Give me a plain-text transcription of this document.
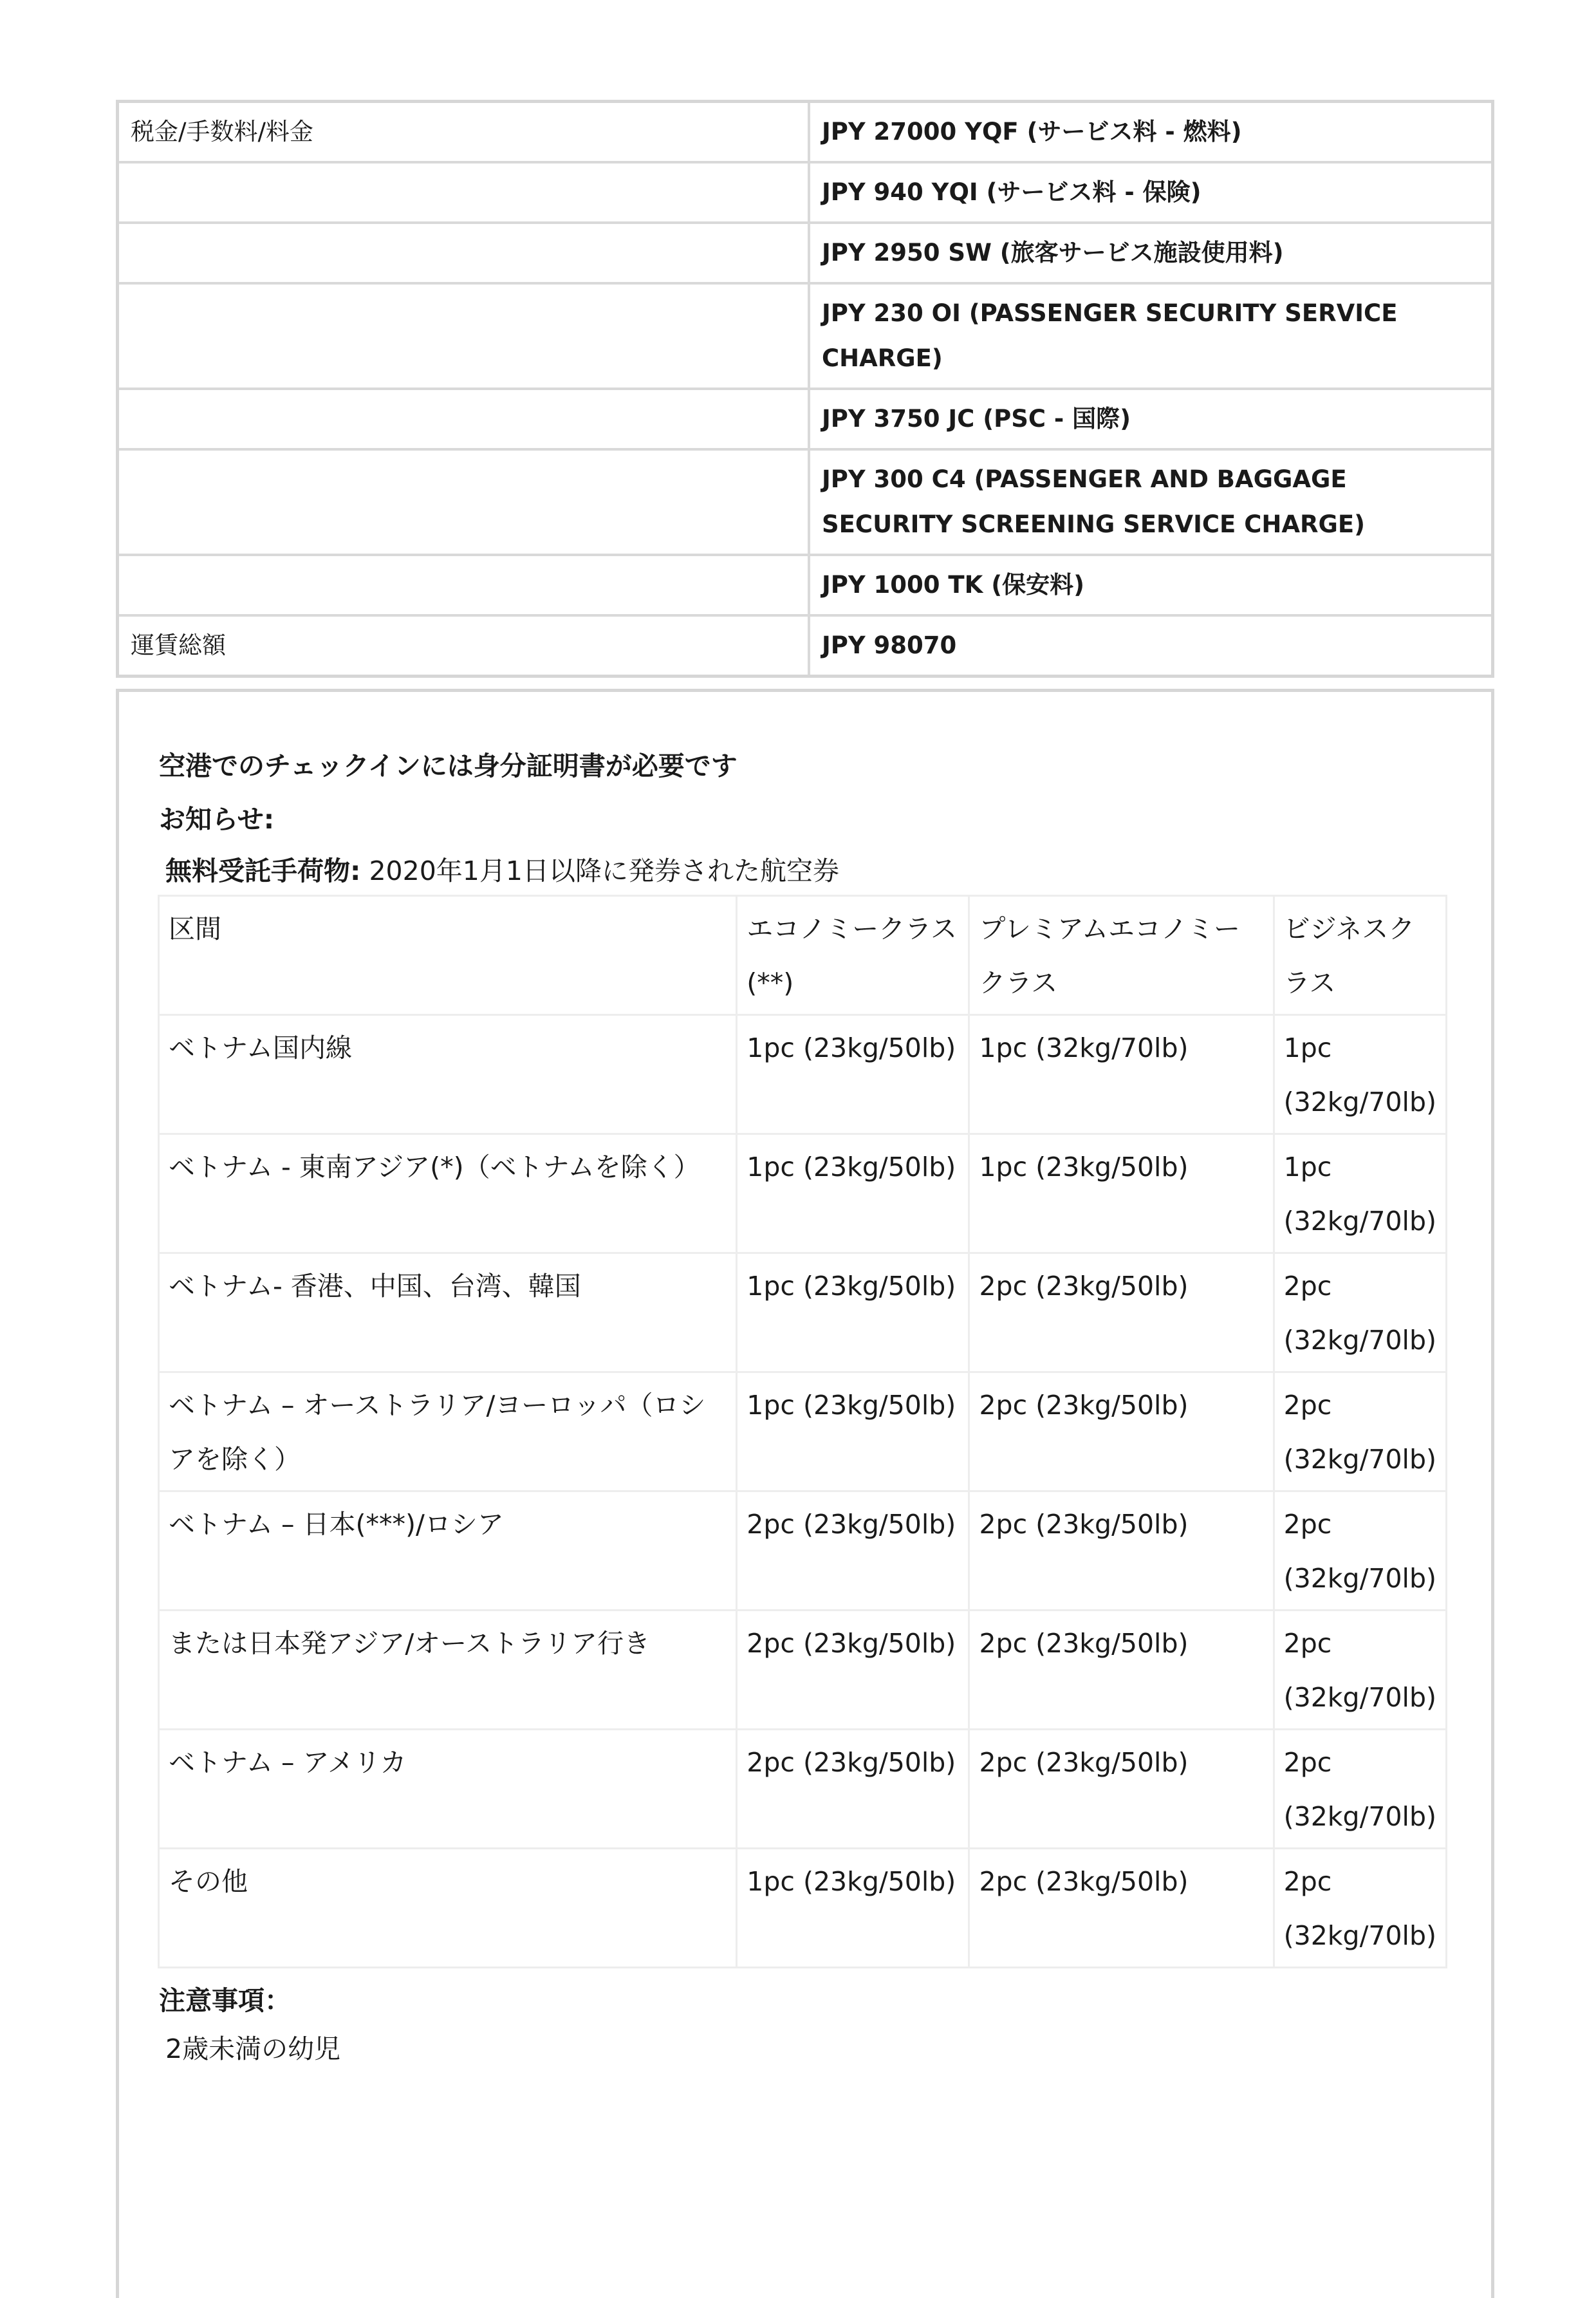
税金/手数料/料金	JPY 27000 YQF (サービス料 - 燃料)
	JPY 940 YQI (サービス料 - 保険)
	JPY 2950 SW (旅客サービス施設使用料)
	JPY 230 OI (PASSENGER SECURITY SERVICE CHARGE)
	JPY 3750 JC (PSC - 国際)
	JPY 300 C4 (PASSENGER AND BAGGAGE SECURITY SCREENING SERVICE CHARGE)
	JPY 1000 TK (保安料)
運賃総額	JPY 98070

空港でのチェックインには身分証明書が必要です

お知らせ:

無料受託手荷物: 2020年1月1日以降に発券された航空券

区間	エコノミークラス (**)	プレミアムエコノミークラス	ビジネスクラス
ベトナム国内線	1pc (23kg/50lb)	1pc (32kg/70lb)	1pc (32kg/70lb)
ベトナム - 東南アジア(*)（ベトナムを除く）	1pc (23kg/50lb)	1pc (23kg/50lb)	1pc (32kg/70lb)
ベトナム- 香港、中国、台湾、韓国	1pc (23kg/50lb)	2pc (23kg/50lb)	2pc (32kg/70lb)
ベトナム – オーストラリア/ヨーロッパ（ロシアを除く）	1pc (23kg/50lb)	2pc (23kg/50lb)	2pc (32kg/70lb)
ベトナム – 日本(***)/ロシア	2pc (23kg/50lb)	2pc (23kg/50lb)	2pc (32kg/70lb)
または日本発アジア/オーストラリア行き	2pc (23kg/50lb)	2pc (23kg/50lb)	2pc (32kg/70lb)
ベトナム – アメリカ	2pc (23kg/50lb)	2pc (23kg/50lb)	2pc (32kg/70lb)
その他	1pc (23kg/50lb)	2pc (23kg/50lb)	2pc (32kg/70lb)

注意事項：

2歳未満の幼児
